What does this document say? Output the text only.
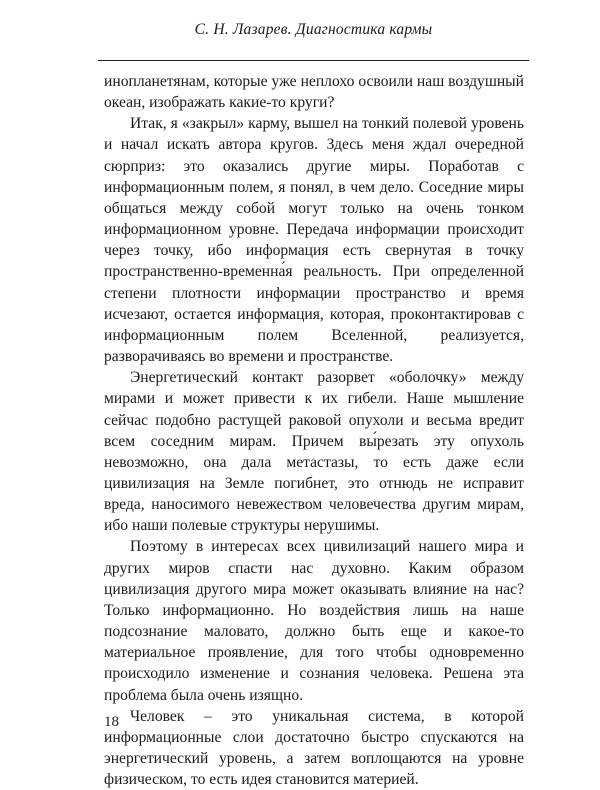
С. Н. Лазарев. Диагностика кармы

инопланетянам, которые уже неплохо освоили наш воздушный океан, изображать какие-то круги?

Итак, я «закрыл» карму, вышел на тонкий полевой уровень и начал искать автора кругов. Здесь меня ждал очередной сюрприз: это оказались другие миры. Поработав с информационным полем, я понял, в чем дело. Соседние миры общаться между собой могут только на очень тонком информационном уровне. Передача информации происходит через точку, ибо информация есть свернутая в точку пространственно-временна́я реальность. При определенной степени плотности информации пространство и время исчезают, остается информация, которая, проконтактировав с информационным полем Вселенной, реализуется, разворачиваясь во времени и пространстве.

Энергетический контакт разорвет «оболочку» между мирами и может привести к их гибели. Наше мышление сейчас подобно растущей раковой опухоли и весьма вредит всем соседним мирам. Причем вы́резать эту опухоль невозможно, она дала метастазы, то есть даже если цивилизация на Земле погибнет, это отнюдь не исправит вреда, наносимого невежеством человечества другим мирам, ибо наши полевые структуры нерушимы.

Поэтому в интересах всех цивилизаций нашего мира и других миров спасти нас духовно. Каким образом цивилизация другого мира может оказывать влияние на нас? Только информационно. Но воздействия лишь на наше подсознание маловато, должно быть еще и какое-то материальное проявление, для того чтобы одновременно происходило изменение и сознания человека. Решена эта проблема была очень изящно.

Человек – это уникальная система, в которой информационные слои достаточно быстро спускаются на энергетический уровень, а затем воплощаются на уровне физическом, то есть идея становится материей.

18
